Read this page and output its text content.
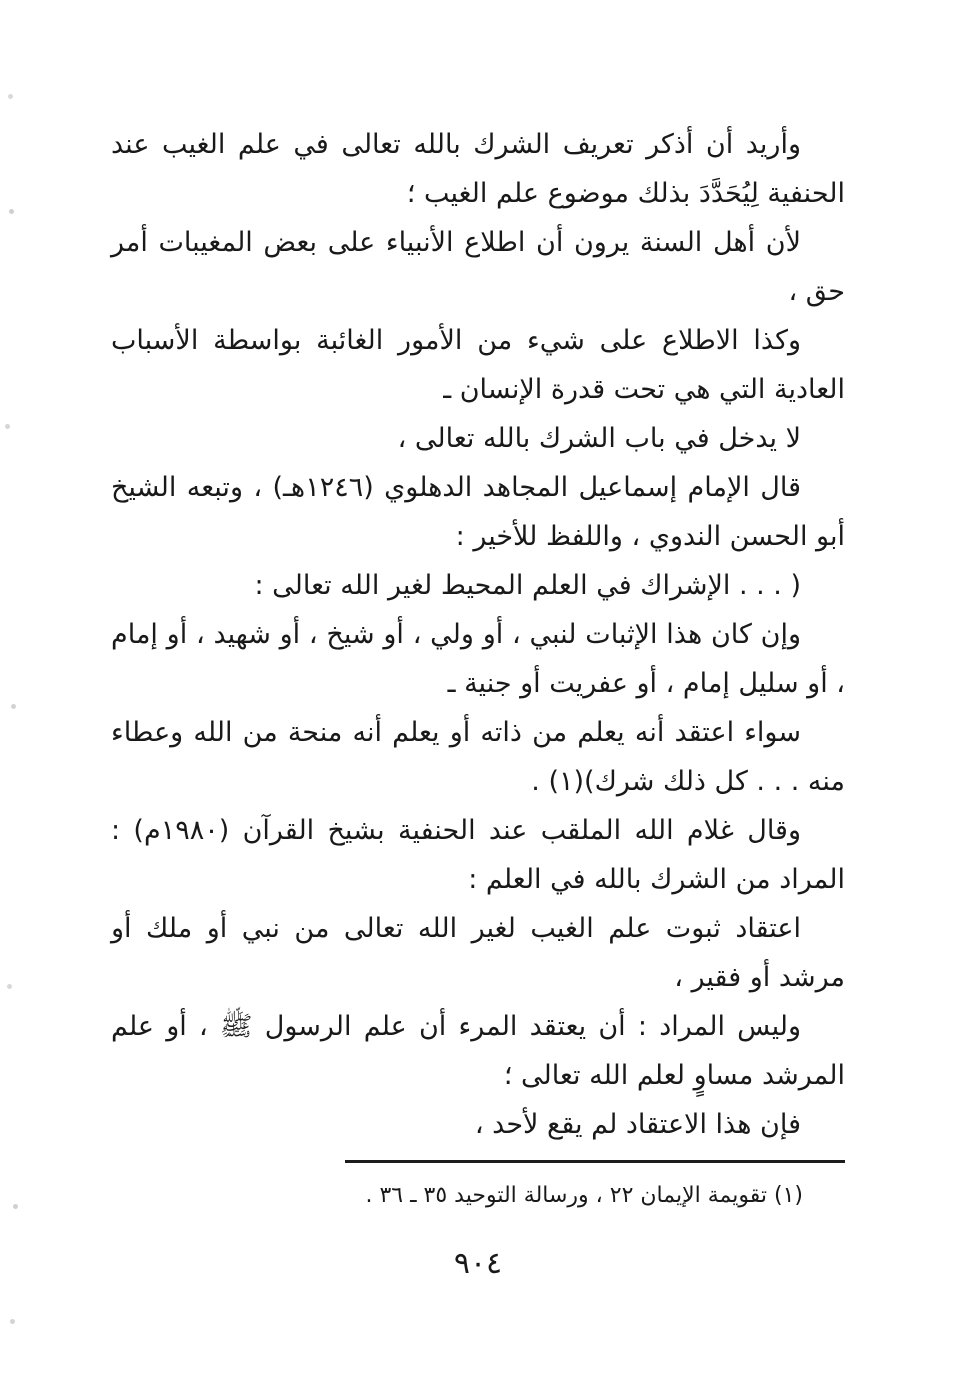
وأريد أن أذكر تعريف الشرك بالله تعالى في علم الغيب عند الحنفية لِيُحَدَّدَ بذلك موضوع علم الغيب ؛

لأن أهل السنة يرون أن اطلاع الأنبياء على بعض المغيبات أمر حق ،

وكذا الاطلاع على شيء من الأمور الغائبة بواسطة الأسباب العادية التي هي تحت قدرة الإنسان ـ

لا يدخل في باب الشرك بالله تعالى ،

قال الإمام إسماعيل المجاهد الدهلوي (١٢٤٦هـ) ، وتبعه الشيخ أبو الحسن الندوي ، واللفظ للأخير :

( . . . الإشراك في العلم المحيط لغير الله تعالى :

وإن كان هذا الإثبات لنبي ، أو ولي ، أو شيخ ، أو شهيد ، أو إمام ، أو سليل إمام ، أو عفريت أو جنية ـ

سواء اعتقد أنه يعلم من ذاته أو يعلم أنه منحة من الله وعطاء منه . . . كل ذلك شرك)(١) .

وقال غلام الله الملقب عند الحنفية بشيخ القرآن (١٩٨٠م) : المراد من الشرك بالله في العلم :

اعتقاد ثبوت علم الغيب لغير الله تعالى من نبي أو ملك أو مرشد أو فقير ،

وليس المراد : أن يعتقد المرء أن علم الرسول ﷺ ، أو علم المرشد مساوٍ لعلم الله تعالى ؛

فإن هذا الاعتقاد لم يقع لأحد ،

(١) تقويمة الإيمان ٢٢ ، ورسالة التوحيد ٣٥ ـ ٣٦ .

٩٠٤
